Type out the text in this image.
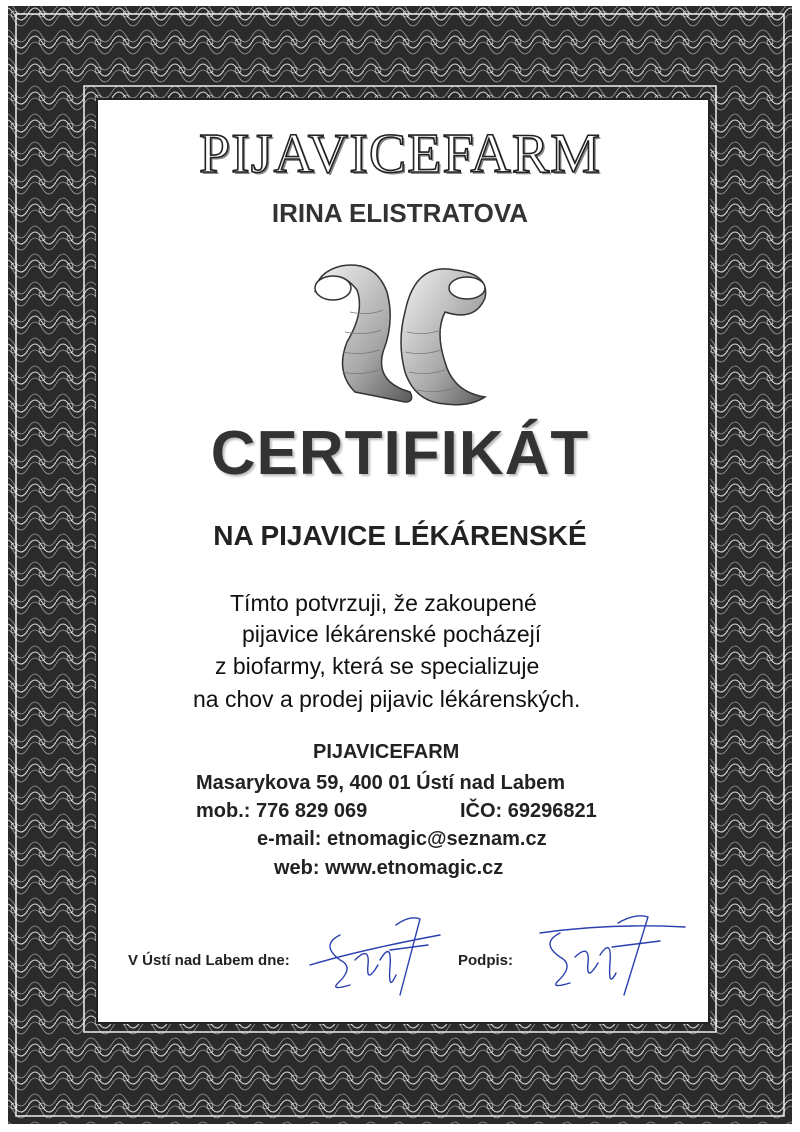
PIJAVICEFARM
IRINA ELISTRATOVA
CERTIFIKÁT
NA PIJAVICE LÉKÁRENSKÉ
Tímto potvrzuji, že zakoupené
pijavice lékárenské pocházejí
z biofarmy, která se specializuje
na chov a prodej pijavic lékárenských.
PIJAVICEFARM
Masarykova 59, 400 01 Ústí nad Labem
mob.: 776 829 069	IČO: 69296821
e-mail: etnomagic@seznam.cz
web: www.etnomagic.cz
V Ústí nad Labem dne:	Podpis:
